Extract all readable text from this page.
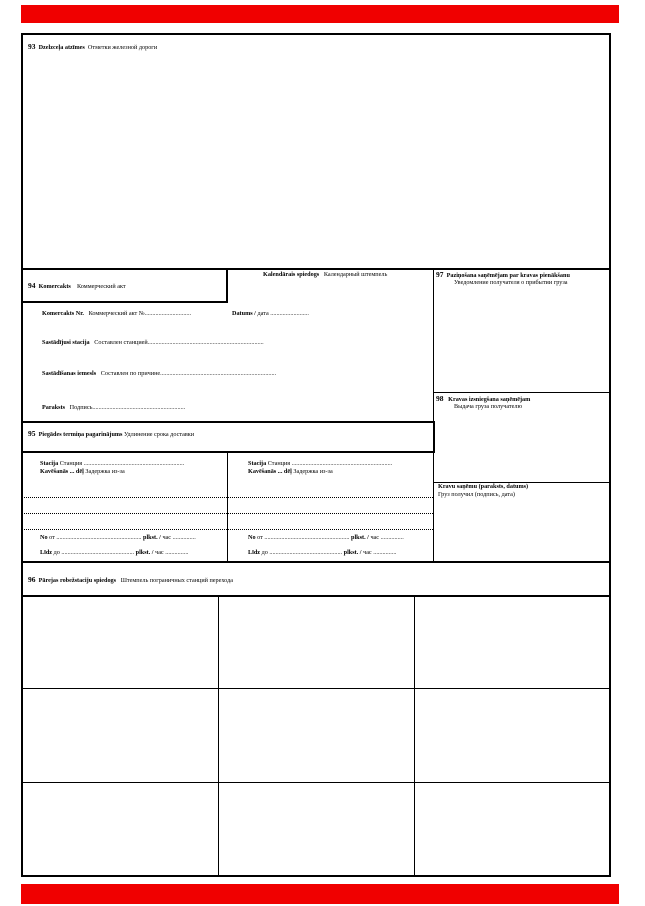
93 Dzelzceļa atzīmes Отметки железной дороги
94 Komercakts Коммерческий акт
Kalendārais spiedogs Календарный штемпель
Komercakts Nr. Коммерческий акт №..............................	Datums / дата .........................
Sastādījusi stacija Составлен станцией...........................................................................
Sastādīšanas iemesls Составлен по причине...........................................................................
Paraksts Подпись............................................................
97 Paziņošana saņēmējam par kravas pienākšanu
Уведомление получателя о прибытии груза
98 Kravas izsniegšana saņēmējam
Выдача груза получателю
Kravu saņēmu (paraksts, datums)
Груз получил (подпись, дата)
95 Piegādes termiņa pagarinājums Удлинение срока доставки
Stacija Станция .................................................................
Kavēšanās ... dēļ Задержка из-за
No от ....................................................... plkst. / час ...............
Līdz до ............................................... plkst. / час ...............
Stacija Станция .................................................................
Kavēšanās ... dēļ Задержка из-за
No от ....................................................... plkst. / час ...............
Līdz до ............................................... plkst. / час ...............
96 Pārejas robežstaciju spiedogs Штемпель пограничных станций перехода
